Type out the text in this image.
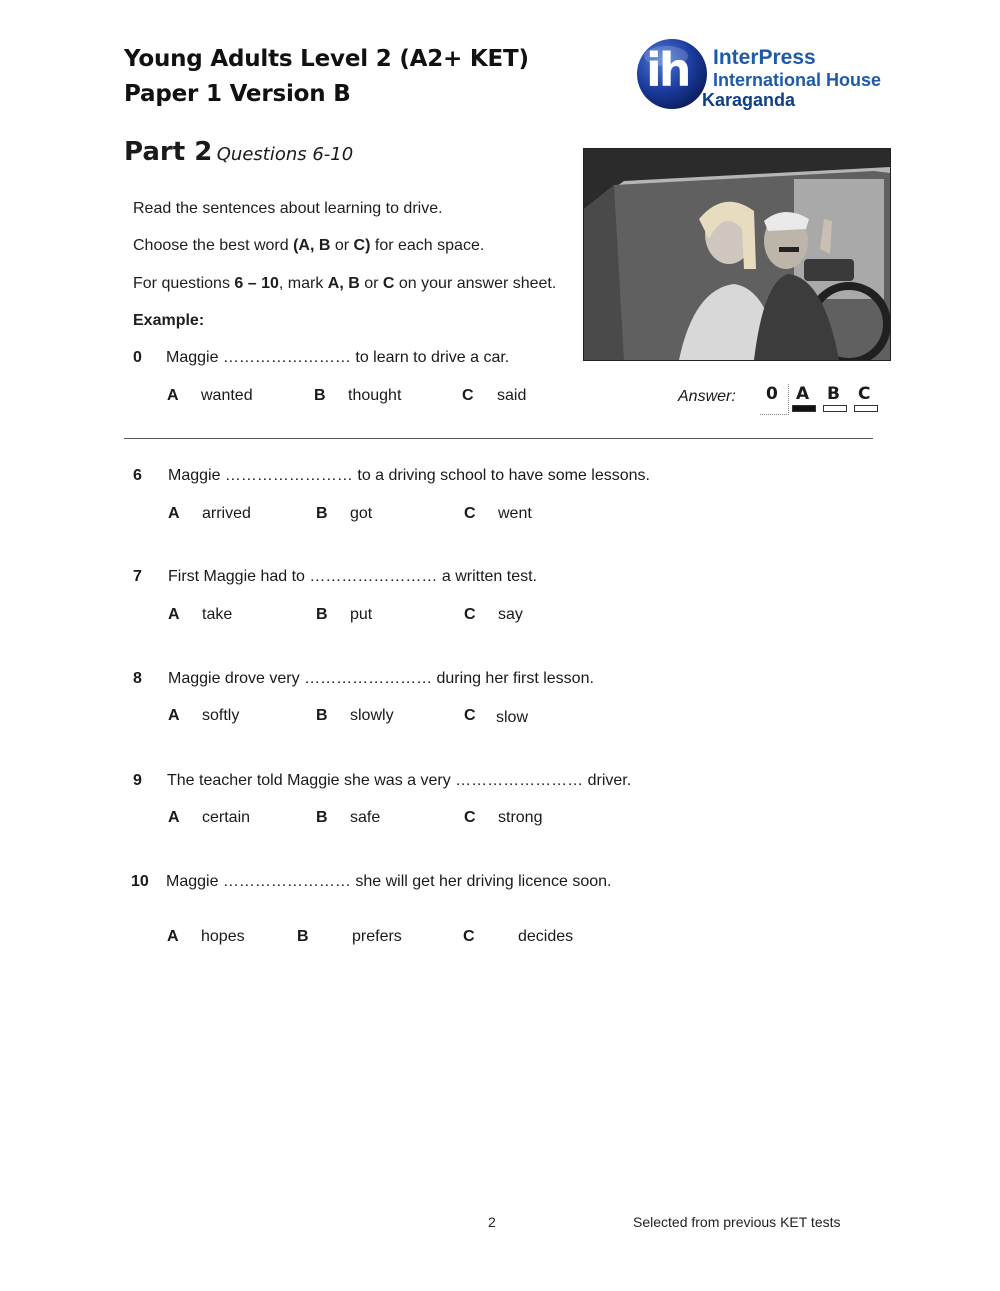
Young Adults Level 2 (A2+ KET)
Paper 1 Version B	ih InterPress
International House
Karaganda
Part 2 Questions 6-10
Read the sentences about learning to drive.
Choose the best word (A, B or C) for each space.
For questions 6 – 10, mark A, B or C on your answer sheet.
Example:
0 Maggie …………………… to learn to drive a car.
A wanted	B thought	C said	Answer: 0 A B C
6 Maggie …………………… to a driving school to have some lessons.
A arrived	B got	C went
7 First Maggie had to …………………… a written test.
A take	B put	C say
8 Maggie drove very …………………… during her first lesson.
A softly	B slowly	C slow
9 The teacher told Maggie she was a very …………………… driver.
A certain	B safe	C strong
10 Maggie …………………… she will get her driving licence soon.
A hopes	B	prefers	C	decides
2	Selected from previous KET tests
